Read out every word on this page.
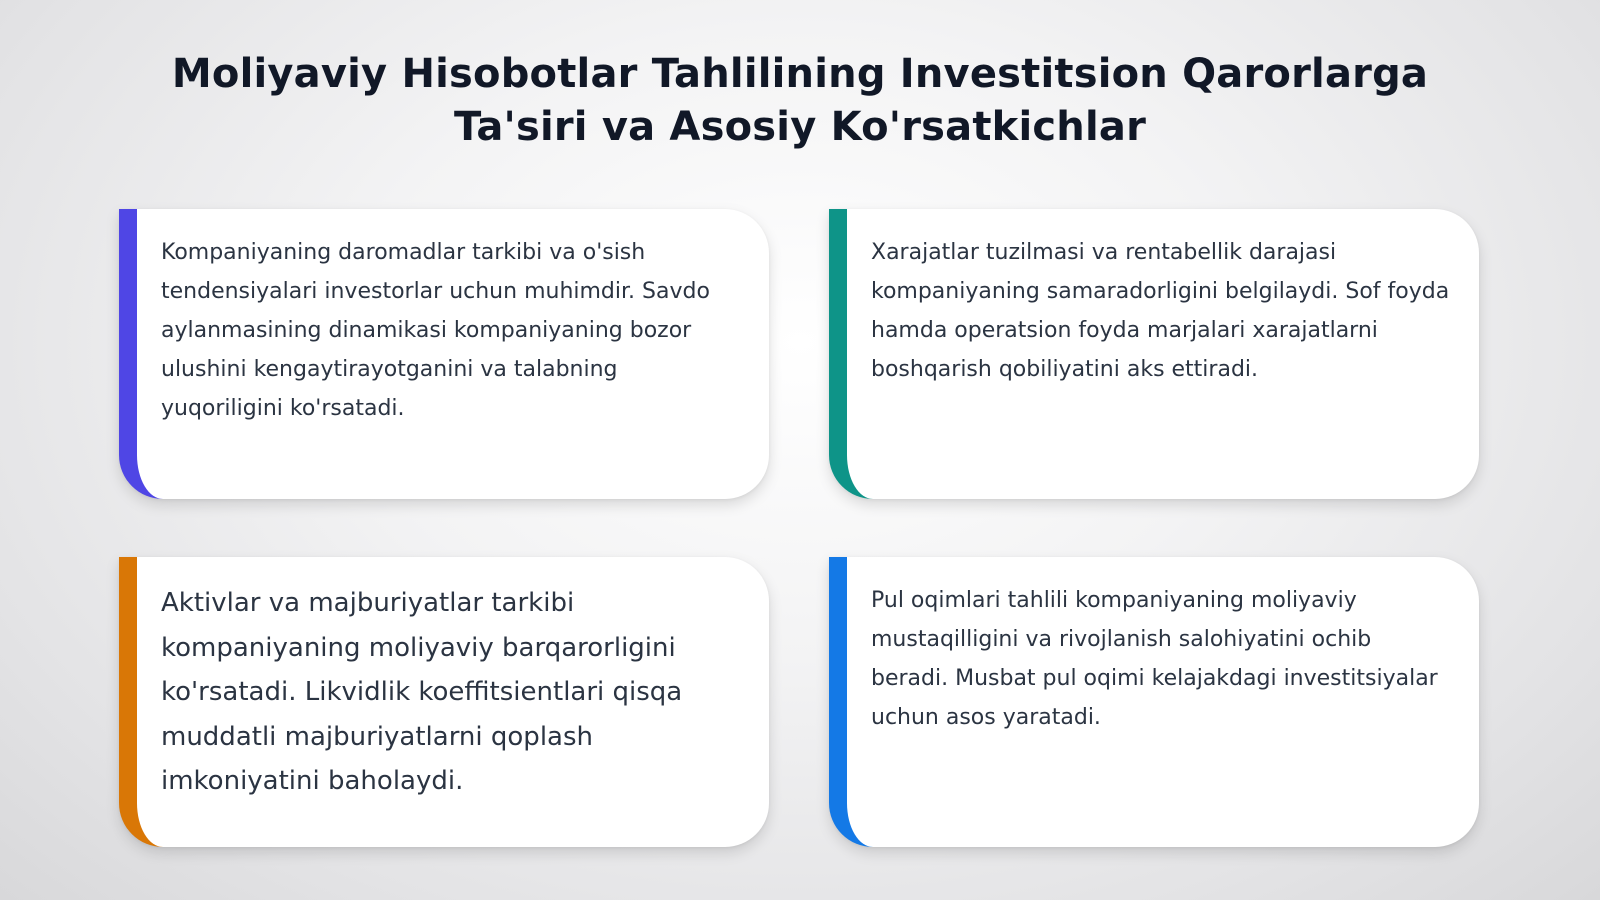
Moliyaviy Hisobotlar Tahlilining Investitsion Qarorlarga Ta'siri va Asosiy Ko'rsatkichlar

Kompaniyaning daromadlar tarkibi va o'sish tendensiyalari investorlar uchun muhimdir. Savdo aylanmasining dinamikasi kompaniyaning bozor ulushini kengaytirayotganini va talabning yuqoriligini ko'rsatadi.

Xarajatlar tuzilmasi va rentabellik darajasi kompaniyaning samaradorligini belgilaydi. Sof foyda hamda operatsion foyda marjalari xarajatlarni boshqarish qobiliyatini aks ettiradi.

Aktivlar va majburiyatlar tarkibi kompaniyaning moliyaviy barqarorligini ko'rsatadi. Likvidlik koeffitsientlari qisqa muddatli majburiyatlarni qoplash imkoniyatini baholaydi.

Pul oqimlari tahlili kompaniyaning moliyaviy mustaqilligini va rivojlanish salohiyatini ochib beradi. Musbat pul oqimi kelajakdagi investitsiyalar uchun asos yaratadi.
